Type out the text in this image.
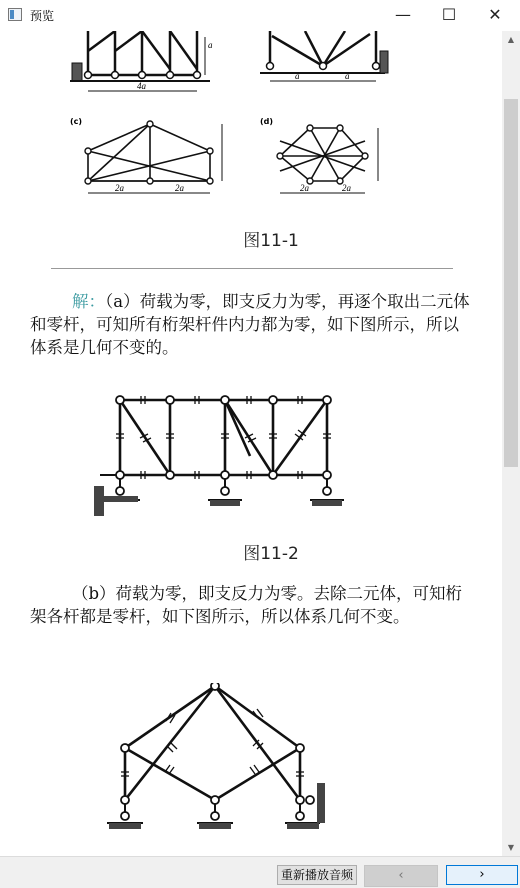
预览	—	☐	✕
4a
a
a	a
(c)
2a	2a
(d)
2a	2a
图11-1
解：（a）荷载为零，即支反力为零，再逐个取出二元体和零杆，可知所有桁架杆件内力都为零，如下图所示，所以体系是几何不变的。
图11-2
（b）荷载为零，即支反力为零。去除二元体，可知桁架各杆都是零杆，如下图所示，所以体系几何不变。
▲
▼
重新播放音频	‹	›
